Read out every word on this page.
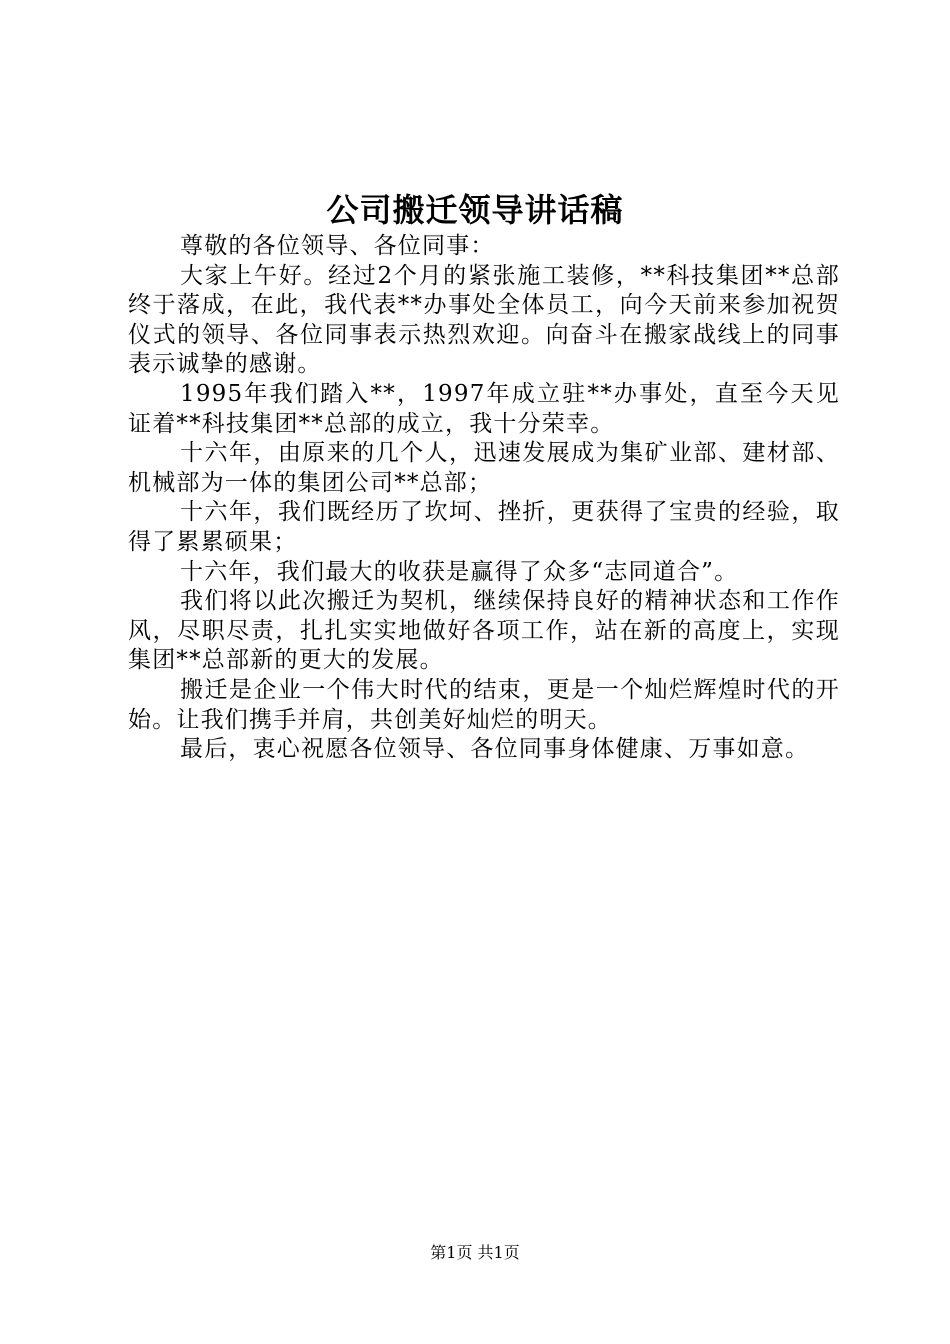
公司搬迁领导讲话稿

尊敬的各位领导、各位同事：

大家上午好。经过2个月的紧张施工装修，**科技集团**总部终于落成，在此，我代表**办事处全体员工，向今天前来参加祝贺仪式的领导、各位同事表示热烈欢迎。向奋斗在搬家战线上的同事表示诚挚的感谢。

1995年我们踏入**，1997年成立驻**办事处，直至今天见证着**科技集团**总部的成立，我十分荣幸。

十六年，由原来的几个人，迅速发展成为集矿业部、建材部、机械部为一体的集团公司**总部；

十六年，我们既经历了坎坷、挫折，更获得了宝贵的经验，取得了累累硕果；

十六年，我们最大的收获是赢得了众多“志同道合”。

我们将以此次搬迁为契机，继续保持良好的精神状态和工作作风，尽职尽责，扎扎实实地做好各项工作，站在新的高度上，实现集团**总部新的更大的发展。

搬迁是企业一个伟大时代的结束，更是一个灿烂辉煌时代的开始。让我们携手并肩，共创美好灿烂的明天。

最后，衷心祝愿各位领导、各位同事身体健康、万事如意。

第1页 共1页
